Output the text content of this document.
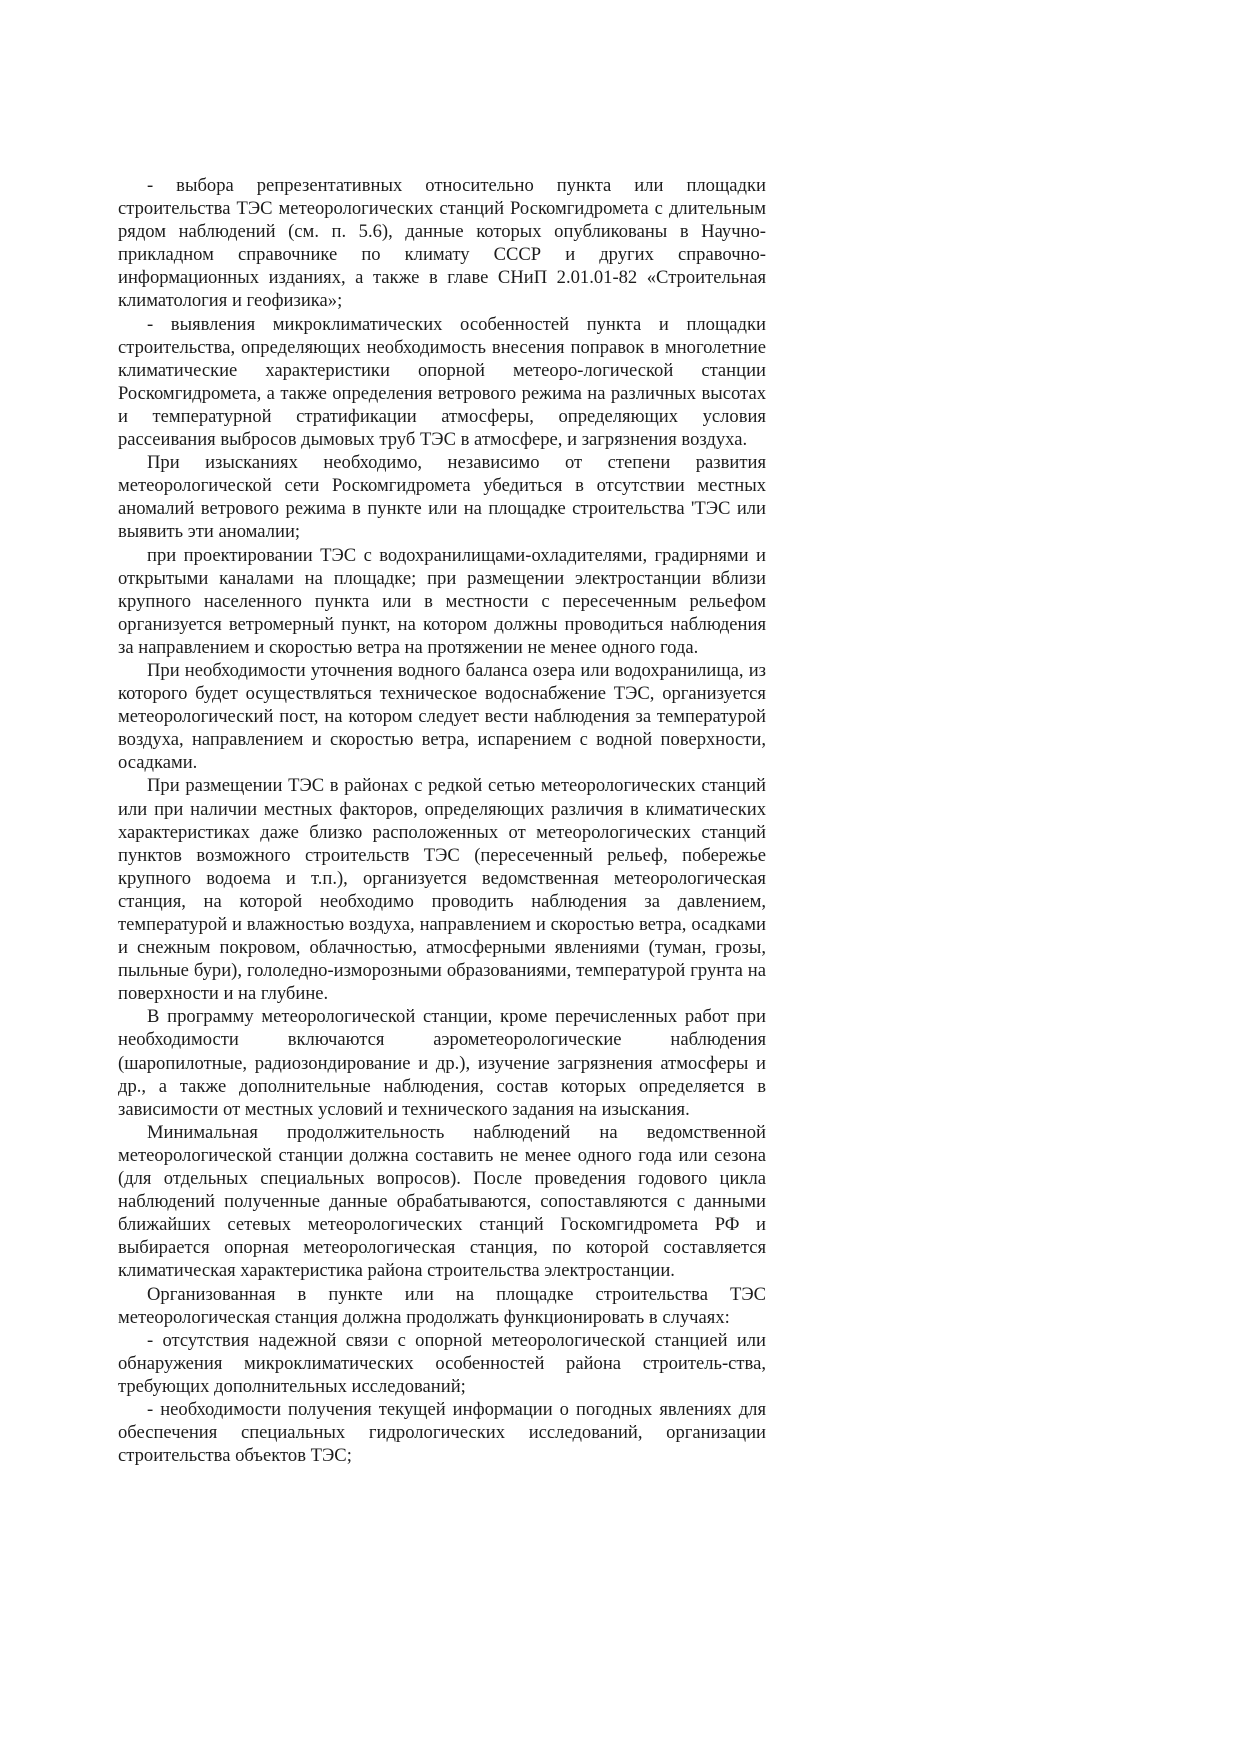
- выбора репрезентативных относительно пункта или площадки строительства ТЭС метеорологических станций Роскомгидромета с длительным рядом наблюдений (см. п. 5.6), данные которых опубликованы в Научно-прикладном справочнике по климату СССР и других справочно-информационных изданиях, а также в главе СНиП 2.01.01-82 «Строительная климатология и геофизика»;

- выявления микроклиматических особенностей пункта и площадки строительства, определяющих необходимость внесения поправок в многолетние климатические характеристики опорной метеоро-логической станции Роскомгидромета, а также определения ветрового режима на различных высотах и температурной стратификации атмосферы, определяющих условия рассеивания выбросов дымовых труб ТЭС в атмосфере, и загрязнения воздуха.

При изысканиях необходимо, независимо от степени развития метеорологической сети Роскомгидромета убедиться в отсутствии местных аномалий ветрового режима в пункте или на площадке строительства 'ТЭС или выявить эти аномалии;

при проектировании ТЭС с водохранилищами-охладителями, градирнями и открытыми каналами на площадке; при размещении электростанции вблизи крупного населенного пункта или в местности с пересеченным рельефом организуется ветромерный пункт, на котором должны проводиться наблюдения за направлением и скоростью ветра на протяжении не менее одного года.

При необходимости уточнения водного баланса озера или водохранилища, из которого будет осуществляться техническое водоснабжение ТЭС, организуется метеорологический пост, на котором следует вести наблюдения за температурой воздуха, направлением и скоростью ветра, испарением с водной поверхности, осадками.

При размещении ТЭС в районах с редкой сетью метеорологических станций или при наличии местных факторов, определяющих различия в климатических характеристиках даже близко расположенных от метеорологических станций пунктов возможного строительств ТЭС (пересеченный рельеф, побережье крупного водоема и т.п.), организуется ведомственная метеорологическая станция, на которой необходимо проводить наблюдения за давлением, температурой и влажностью воздуха, направлением и скоростью ветра, осадками и снежным покровом, облачностью, атмосферными явлениями (туман, грозы, пыльные бури), гололедно-изморозными образованиями, температурой грунта на поверхности и на глубине.

В программу метеорологической станции, кроме перечисленных работ при необходимости включаются аэрометеорологические наблюдения (шаропилотные, радиозондирование и др.), изучение загрязнения атмосферы и др., а также дополнительные наблюдения, состав которых определяется в зависимости от местных условий и технического задания на изыскания.

Минимальная продолжительность наблюдений на ведомственной метеорологической станции должна составить не менее одного года или сезона (для отдельных специальных вопросов). После проведения годового цикла наблюдений полученные данные обрабатываются, сопоставляются с данными ближайших сетевых метеорологических станций Госкомгидромета РФ и выбирается опорная метеорологическая станция, по которой составляется климатическая характеристика района строительства электростанции.

Организованная в пункте или на площадке строительства ТЭС метеорологическая станция должна продолжать функционировать в случаях:

- отсутствия надежной связи с опорной метеорологической станцией или обнаружения микроклиматических особенностей района строитель-ства, требующих дополнительных исследований;

- необходимости получения текущей информации о погодных явлениях для обеспечения специальных гидрологических исследований, организации строительства объектов ТЭС;
